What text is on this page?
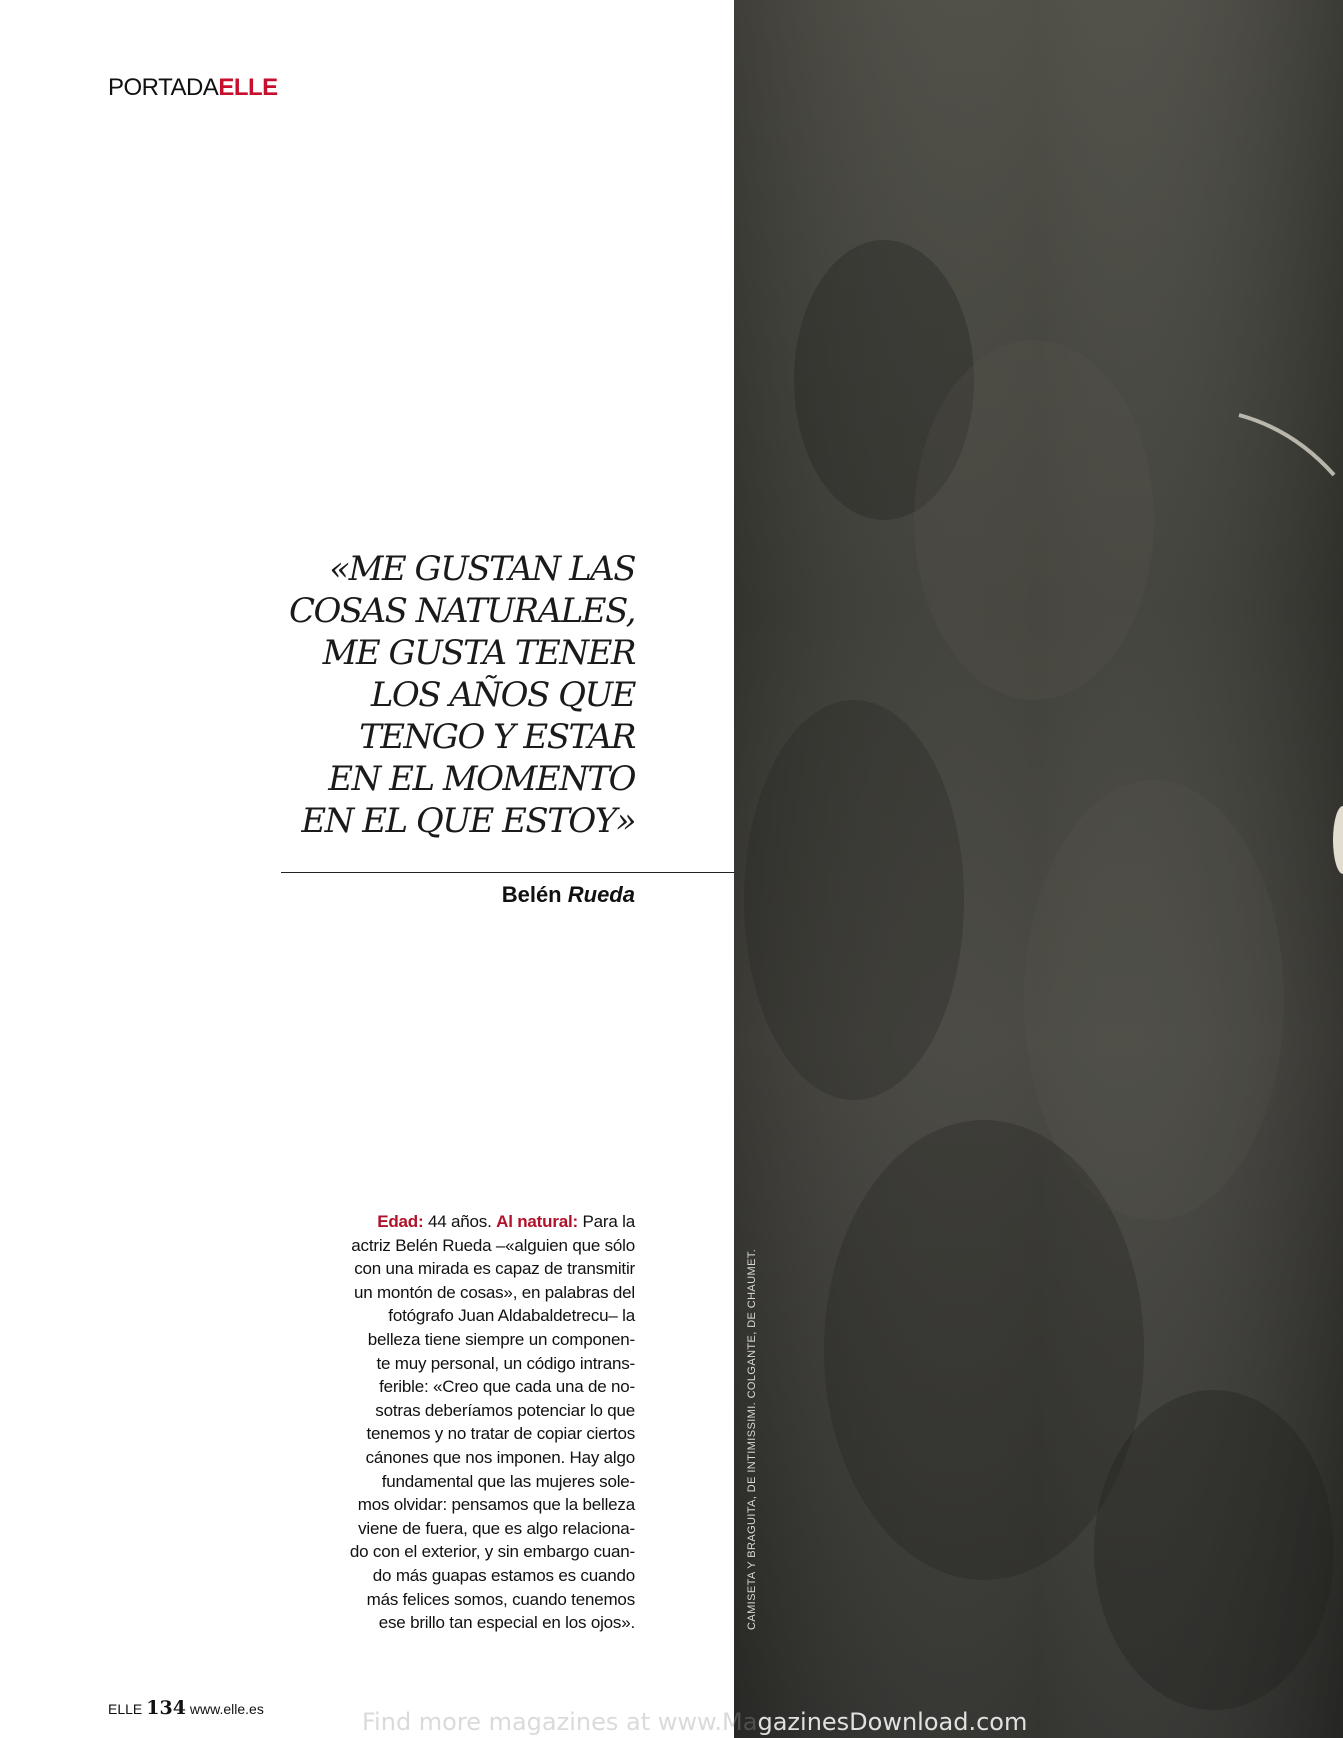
PORTADAELLE
«ME GUSTAN LAS
COSAS NATURALES,
ME GUSTA TENER
LOS AÑOS QUE
TENGO Y ESTAR
EN EL MOMENTO
EN EL QUE ESTOY»
Belén Rueda
Edad: 44 años. Al natural: Para la
actriz Belén Rueda –«alguien que sólo
con una mirada es capaz de transmitir
un montón de cosas», en palabras del
fotógrafo Juan Aldabaldetrecu– la
belleza tiene siempre un componen-
te muy personal, un código intrans-
ferible: «Creo que cada una de no-
sotras deberíamos potenciar lo que
tenemos y no tratar de copiar ciertos
cánones que nos imponen. Hay algo
fundamental que las mujeres sole-
mos olvidar: pensamos que la belleza
viene de fuera, que es algo relaciona-
do con el exterior, y sin embargo cuan-
do más guapas estamos es cuando
más felices somos, cuando tenemos
ese brillo tan especial en los ojos».	CAMISETA Y BRAGUITA, DE INTIMISSIMI. COLGANTE, DE CHAUMET.
ELLE 134 www.elle.es	Find more magazines at www.MagazinesDownload.com
